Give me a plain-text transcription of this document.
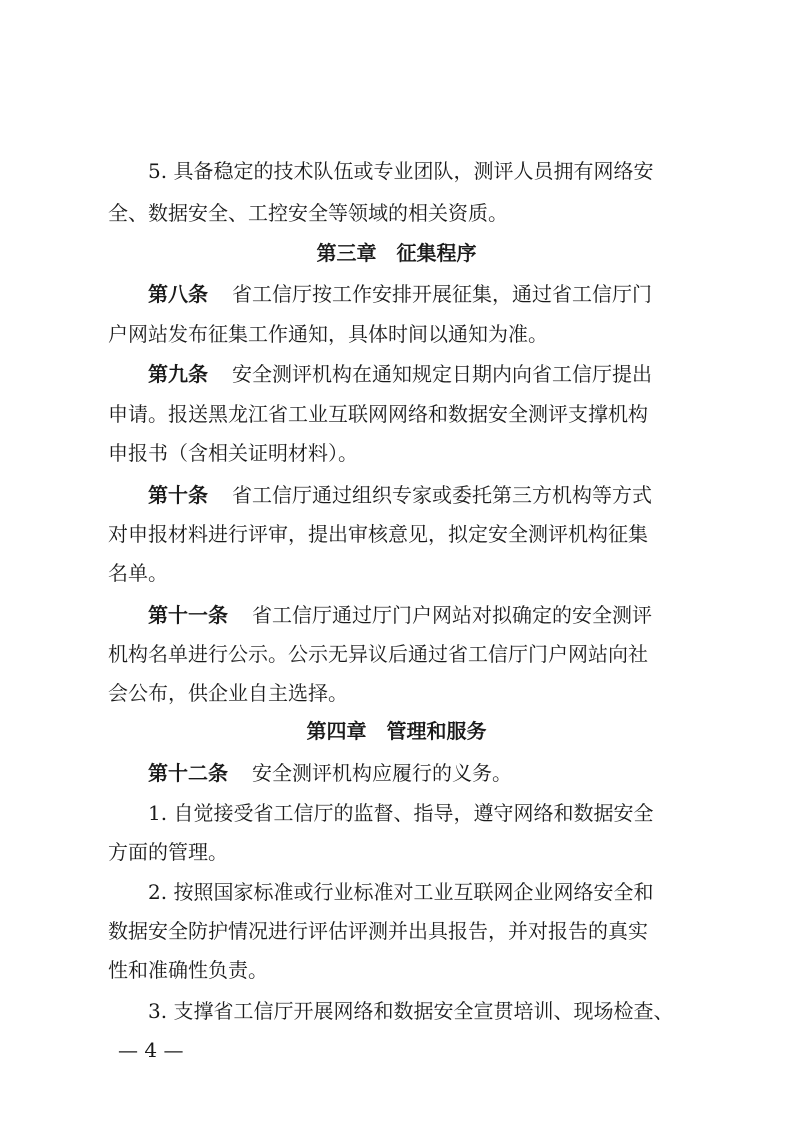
5. 具备稳定的技术队伍或专业团队，测评人员拥有网络安
全、数据安全、工控安全等领域的相关资质。
第三章　征集程序
第八条 省工信厅按工作安排开展征集，通过省工信厅门
户网站发布征集工作通知，具体时间以通知为准。
第九条 安全测评机构在通知规定日期内向省工信厅提出
申请。报送黑龙江省工业互联网网络和数据安全测评支撑机构
申报书（含相关证明材料）。
第十条 省工信厅通过组织专家或委托第三方机构等方式
对申报材料进行评审，提出审核意见，拟定安全测评机构征集
名单。
第十一条 省工信厅通过厅门户网站对拟确定的安全测评
机构名单进行公示。公示无异议后通过省工信厅门户网站向社
会公布，供企业自主选择。
第四章　管理和服务
第十二条 安全测评机构应履行的义务。
1. 自觉接受省工信厅的监督、指导，遵守网络和数据安全
方面的管理。
2. 按照国家标准或行业标准对工业互联网企业网络安全和
数据安全防护情况进行评估评测并出具报告，并对报告的真实
性和准确性负责。
3. 支撑省工信厅开展网络和数据安全宣贯培训、现场检查、
— 4 —
